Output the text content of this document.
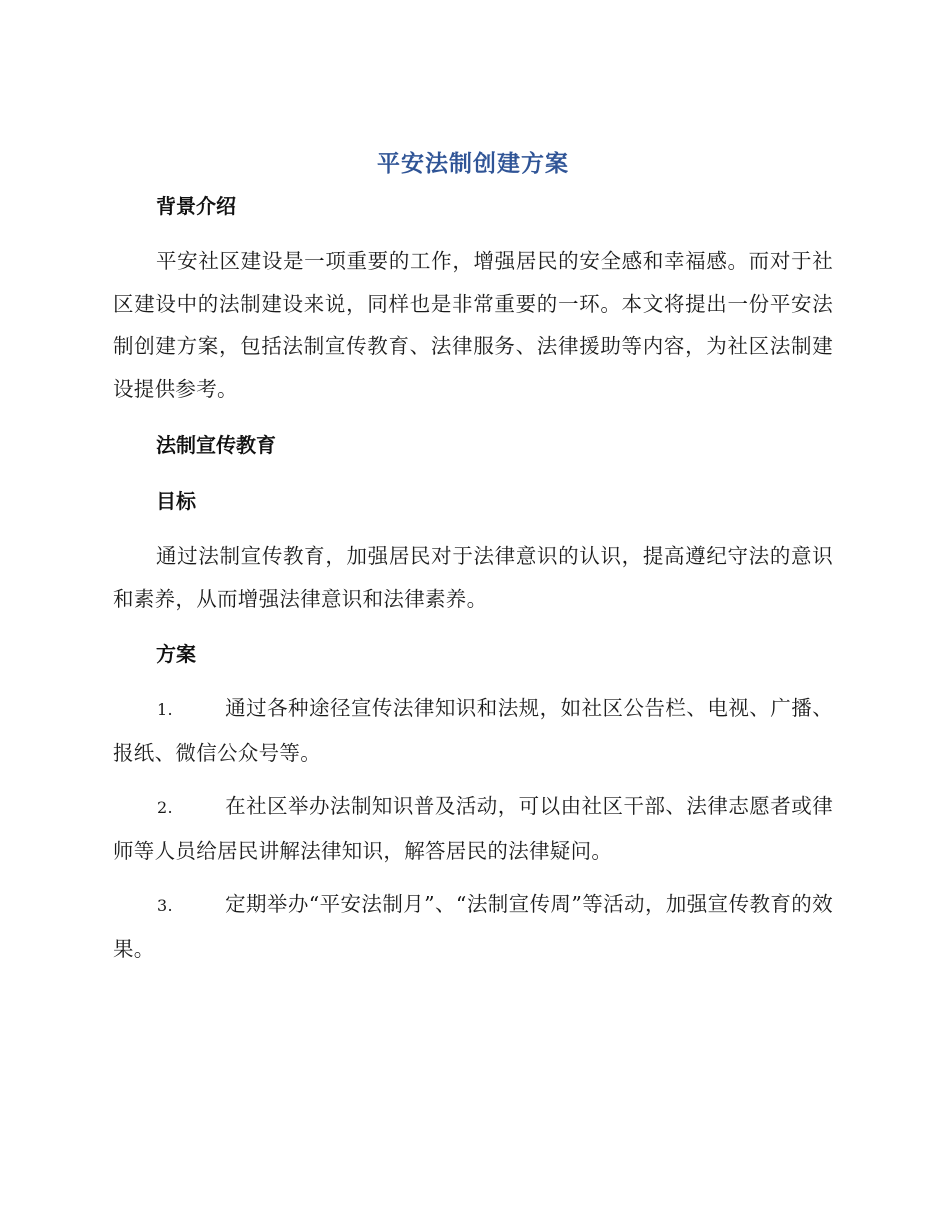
平安法制创建方案
背景介绍

平安社区建设是一项重要的工作，增强居民的安全感和幸福感。而对于社区建设中的法制建设来说，同样也是非常重要的一环。本文将提出一份平安法制创建方案，包括法制宣传教育、法律服务、法律援助等内容，为社区法制建设提供参考。

法制宣传教育
目标

通过法制宣传教育，加强居民对于法律意识的认识，提高遵纪守法的意识和素养，从而增强法律意识和法律素养。

方案

1.	通过各种途径宣传法律知识和法规，如社区公告栏、电视、广播、报纸、微信公众号等。

2.	在社区举办法制知识普及活动，可以由社区干部、法律志愿者或律师等人员给居民讲解法律知识，解答居民的法律疑问。

3.	定期举办“平安法制月”、“法制宣传周”等活动，加强宣传教育的效果。
